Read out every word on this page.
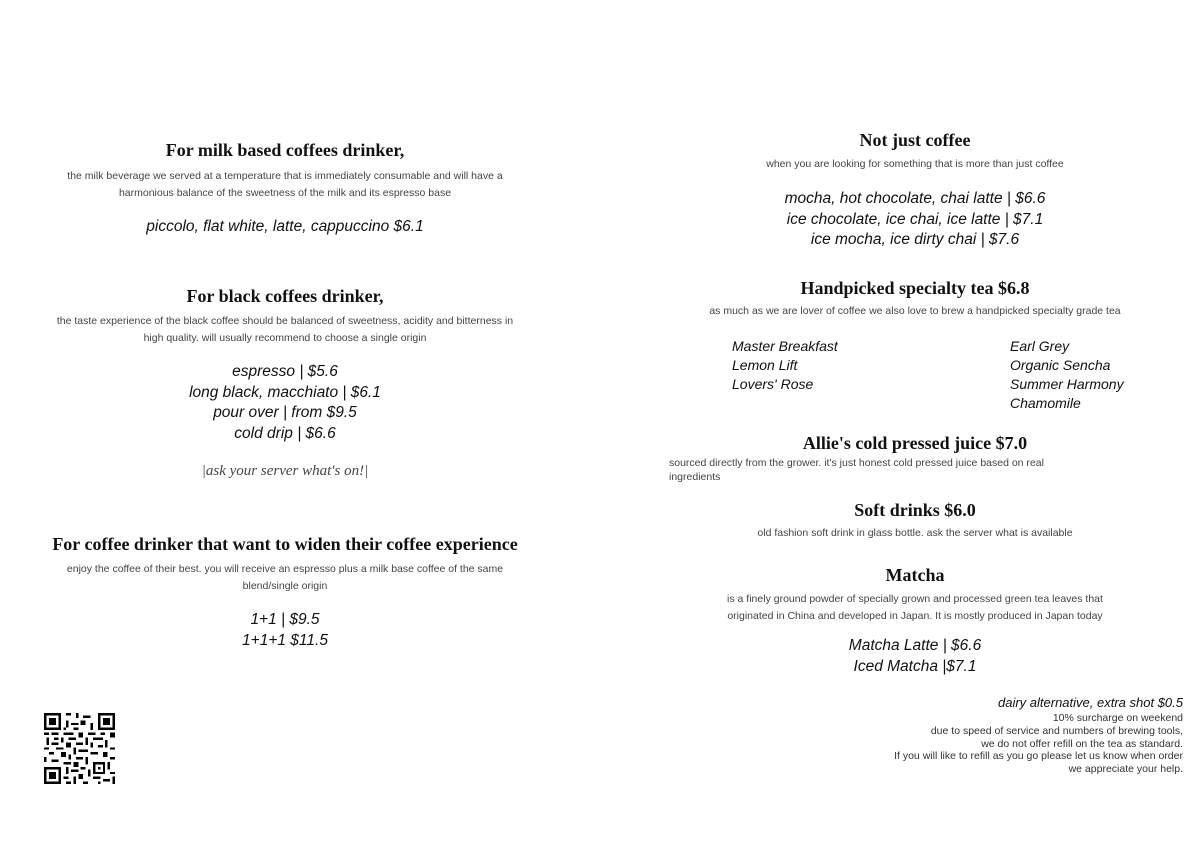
For milk based coffees drinker,

the milk beverage we served at a temperature that is immediately consumable and will have a

harmonious balance of the sweetness of the milk and its espresso base

piccolo, flat white, latte, cappuccino $6.1
For black coffees drinker,

the taste experience of the black coffee should be balanced of sweetness, acidity and bitterness in

high quality. will usually recommend to choose a single origin

espresso | $5.6
long black, macchiato | $6.1
pour over | from $9.5
cold drip | $6.6
|ask your server what's on!|
For coffee drinker that want to widen their coffee experience

enjoy the coffee of their best. you will receive an espresso plus a milk base coffee of the same

blend/single origin

1+1 | $9.5
1+1+1 $11.5
Not just coffee

when you are looking for something that is more than just coffee

mocha, hot chocolate, chai latte | $6.6
ice chocolate, ice chai, ice latte | $7.1
ice mocha, ice dirty chai | $7.6
Handpicked specialty tea $6.8

as much as we are lover of coffee we also love to brew a handpicked specialty grade tea

Master Breakfast
Lemon Lift
Lovers' Rose
Earl Grey
Organic Sencha
Summer Harmony
Chamomile
Allie's cold pressed juice $7.0

sourced directly from the grower. it's just honest cold pressed juice based on real

ingredients

Soft drinks $6.0

old fashion soft drink in glass bottle. ask the server what is available

Matcha

is a finely ground powder of specially grown and processed green tea leaves that

originated in China and developed in Japan. It is mostly produced in Japan today

Matcha Latte | $6.6
Iced Matcha |$7.1
dairy alternative, extra shot $0.5
10% surcharge on weekend
due to speed of service and numbers of brewing tools,
we do not offer refill on the tea as standard.
If you will like to refill as you go please let us know when order
we appreciate your help.
